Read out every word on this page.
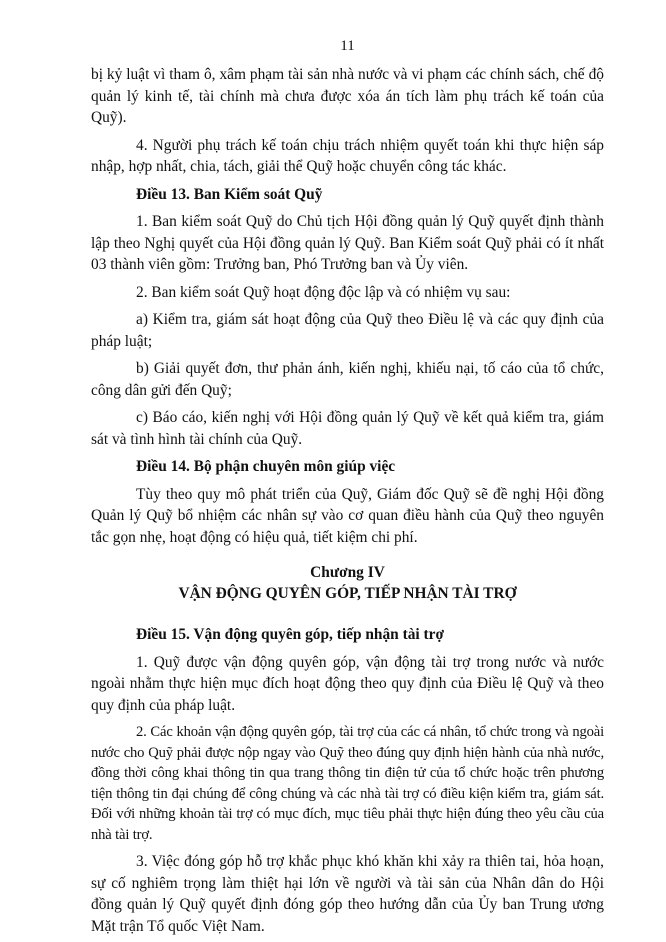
11

bị kỷ luật vì tham ô, xâm phạm tài sản nhà nước và vi phạm các chính sách, chế độ quản lý kinh tế, tài chính mà chưa được xóa án tích làm phụ trách kế toán của Quỹ).

4. Người phụ trách kế toán chịu trách nhiệm quyết toán khi thực hiện sáp nhập, hợp nhất, chia, tách, giải thể Quỹ hoặc chuyển công tác khác.

Điều 13. Ban Kiểm soát Quỹ

1. Ban kiểm soát Quỹ do Chủ tịch Hội đồng quản lý Quỹ quyết định thành lập theo Nghị quyết của Hội đồng quản lý Quỹ. Ban Kiểm soát Quỹ phải có ít nhất 03 thành viên gồm: Trưởng ban, Phó Trưởng ban và Ủy viên.

2. Ban kiểm soát Quỹ hoạt động độc lập và có nhiệm vụ sau:

a) Kiểm tra, giám sát hoạt động của Quỹ theo Điều lệ và các quy định của pháp luật;

b) Giải quyết đơn, thư phản ánh, kiến nghị, khiếu nại, tố cáo của tổ chức, công dân gửi đến Quỹ;

c) Báo cáo, kiến nghị với Hội đồng quản lý Quỹ về kết quả kiểm tra, giám sát và tình hình tài chính của Quỹ.

Điều 14. Bộ phận chuyên môn giúp việc

Tùy theo quy mô phát triển của Quỹ, Giám đốc Quỹ sẽ đề nghị Hội đồng Quản lý Quỹ bổ nhiệm các nhân sự vào cơ quan điều hành của Quỹ theo nguyên tắc gọn nhẹ, hoạt động có hiệu quả, tiết kiệm chi phí.

Chương IV
VẬN ĐỘNG QUYÊN GÓP, TIẾP NHẬN TÀI TRỢ
Điều 15. Vận động quyên góp, tiếp nhận tài trợ

1. Quỹ được vận động quyên góp, vận động tài trợ trong nước và nước ngoài nhằm thực hiện mục đích hoạt động theo quy định của Điều lệ Quỹ và theo quy định của pháp luật.

2. Các khoản vận động quyên góp, tài trợ của các cá nhân, tổ chức trong và ngoài nước cho Quỹ phải được nộp ngay vào Quỹ theo đúng quy định hiện hành của nhà nước, đồng thời công khai thông tin qua trang thông tin điện tử của tổ chức hoặc trên phương tiện thông tin đại chúng để công chúng và các nhà tài trợ có điều kiện kiểm tra, giám sát. Đối với những khoản tài trợ có mục đích, mục tiêu phải thực hiện đúng theo yêu cầu của nhà tài trợ.

3. Việc đóng góp hỗ trợ khắc phục khó khăn khi xảy ra thiên tai, hỏa hoạn, sự cố nghiêm trọng làm thiệt hại lớn về người và tài sản của Nhân dân do Hội đồng quản lý Quỹ quyết định đóng góp theo hướng dẫn của Ủy ban Trung ương Mặt trận Tổ quốc Việt Nam.
